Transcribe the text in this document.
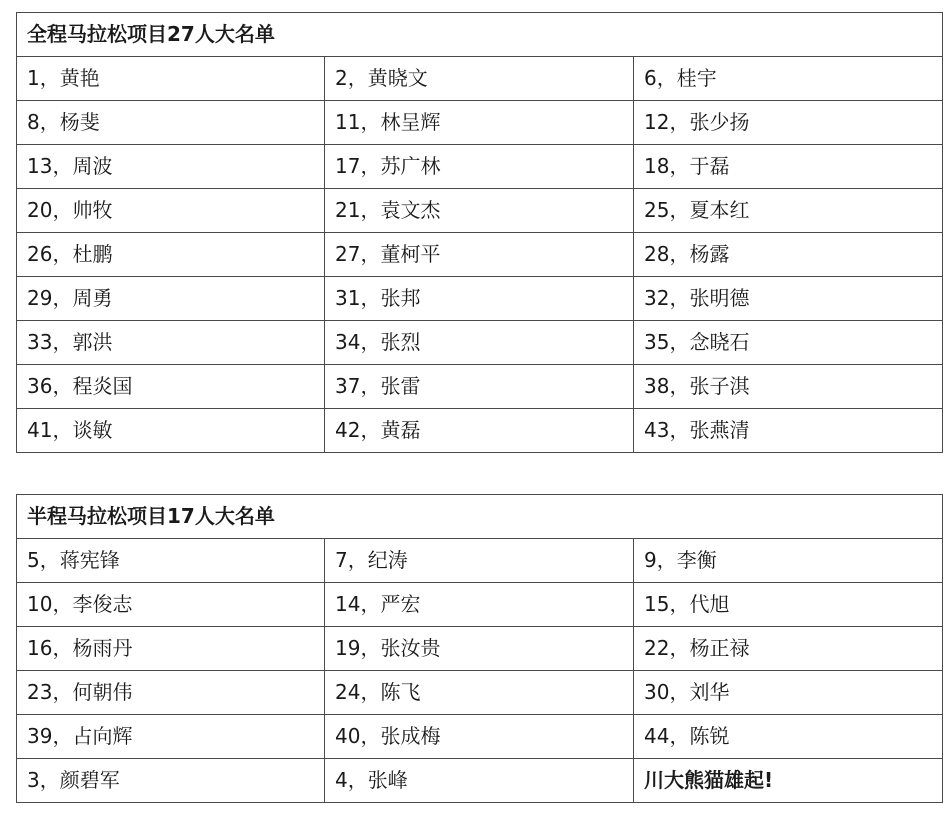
全程马拉松项目27人大名单		
1，黄艳	2，黄晓文	6，桂宇
8，杨斐	11，林呈辉	12，张少扬
13，周波	17，苏广林	18，于磊
20，帅牧	21，袁文杰	25，夏本红
26，杜鹏	27，董柯平	28，杨露
29，周勇	31，张邦	32，张明德
33，郭洪	34，张烈	35，念晓石
36，程炎国	37，张雷	38，张子淇
41，谈敏	42，黄磊	43，张燕清
半程马拉松项目17人大名单		
5，蒋宪锋	7，纪涛	9，李衡
10，李俊志	14，严宏	15，代旭
16，杨雨丹	19，张汝贵	22，杨正禄
23，何朝伟	24，陈飞	30，刘华
39，占向辉	40，张成梅	44，陈锐
3，颜碧军	4，张峰	川大熊猫雄起!
